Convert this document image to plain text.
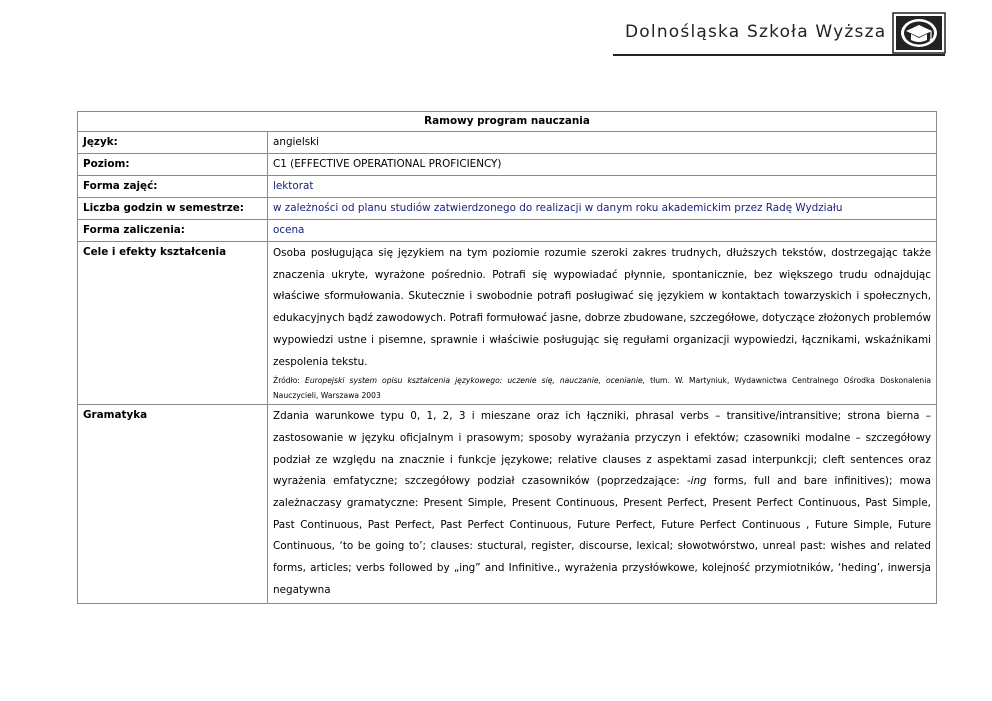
Dolnośląska Szkoła Wyższa
Ramowy program nauczania	
Język:	angielski
Poziom:	C1 (EFFECTIVE OPERATIONAL PROFICIENCY)
Forma zajęć:	lektorat
Liczba godzin w semestrze:	w zależności od planu studiów zatwierdzonego do realizacji w danym roku akademickim przez Radę Wydziału
Forma zaliczenia:	ocena
Cele i efekty kształcenia	Osoba posługująca się językiem na tym poziomie rozumie szeroki zakres trudnych, dłuższych tekstów, dostrzegając także znaczenia ukryte, wyrażone pośrednio. Potrafi się wypowiadać płynnie, spontanicznie, bez większego trudu odnajdując właściwe sformułowania. Skutecznie i swobodnie potrafi posługiwać się językiem w kontaktach towarzyskich i społecznych, edukacyjnych bądź zawodowych. Potrafi formułować jasne, dobrze zbudowane, szczegółowe, dotyczące złożonych problemów wypowiedzi ustne i pisemne, sprawnie i właściwie posługując się regułami organizacji wypowiedzi, łącznikami, wskaźnikami zespolenia tekstu.
Źródło: Europejski system opisu kształcenia językowego: uczenie się, nauczanie, ocenianie, tłum. W. Martyniuk, Wydawnictwa Centralnego Ośrodka Doskonalenia Nauczycieli, Warszawa 2003

Gramatyka	Zdania warunkowe typu 0, 1, 2, 3 i mieszane oraz ich łączniki, phrasal verbs – transitive/intransitive; strona bierna – zastosowanie w języku oficjalnym i prasowym; sposoby wyrażania przyczyn i efektów; czasowniki modalne – szczegółowy podział ze względu na znacznie i funkcje językowe; relative clauses z aspektami zasad interpunkcji; cleft sentences oraz wyrażenia emfatyczne; szczegółowy podział czasowników (poprzedzające: -ing forms, full and bare infinitives); mowa zależnaczasy gramatyczne: Present Simple, Present Continuous, Present Perfect, Present Perfect Continuous, Past Simple, Past Continuous, Past Perfect, Past Perfect Continuous, Future Perfect, Future Perfect Continuous , Future Simple, Future Continuous, ‘to be going to’; clauses: stuctural, register, discourse, lexical; słowotwórstwo, unreal past: wishes and related forms, articles; verbs followed by „ing” and Infinitive., wyrażenia przysłówkowe, kolejność przymiotników, ‘heding’, inwersja negatywna
